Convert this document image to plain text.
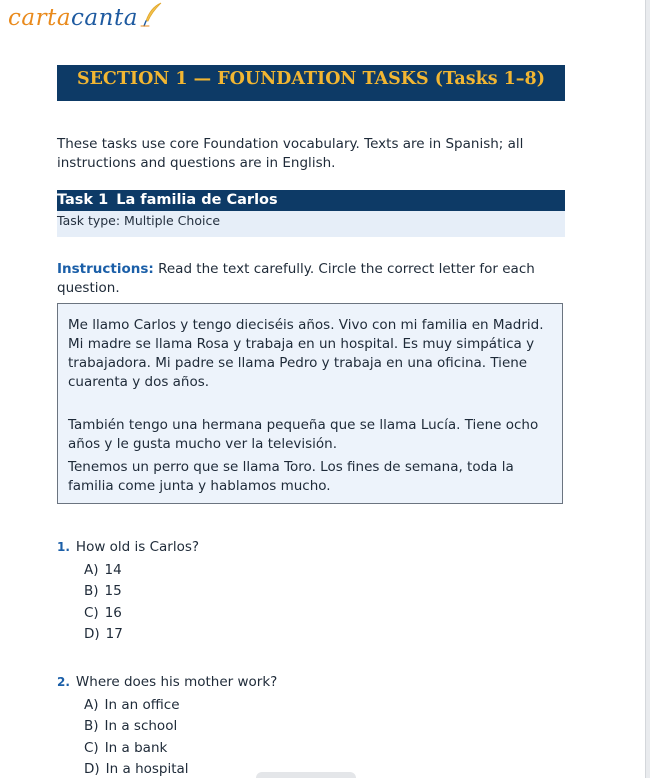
carta canta
SECTION 1 — FOUNDATION TASKS (Tasks 1–8)
These tasks use core Foundation vocabulary. Texts are in Spanish; all instructions and questions are in English.
Task 1 La familia de Carlos
Task type: Multiple Choice
Instructions: Read the text carefully. Circle the correct letter for each question.

Me llamo Carlos y tengo dieciséis años. Vivo con mi familia en Madrid. Mi madre se llama Rosa y trabaja en un hospital. Es muy simpática y trabajadora. Mi padre se llama Pedro y trabaja en una oficina. Tiene cuarenta y dos años.

También tengo una hermana pequeña que se llama Lucía. Tiene ocho años y le gusta mucho ver la televisión.

Tenemos un perro que se llama Toro. Los fines de semana, toda la familia come junta y hablamos mucho.

1. How old is Carlos?
A) 14
B) 15
C) 16
D) 17
2. Where does his mother work?
A) In an office
B) In a school
C) In a bank
D) In a hospital
